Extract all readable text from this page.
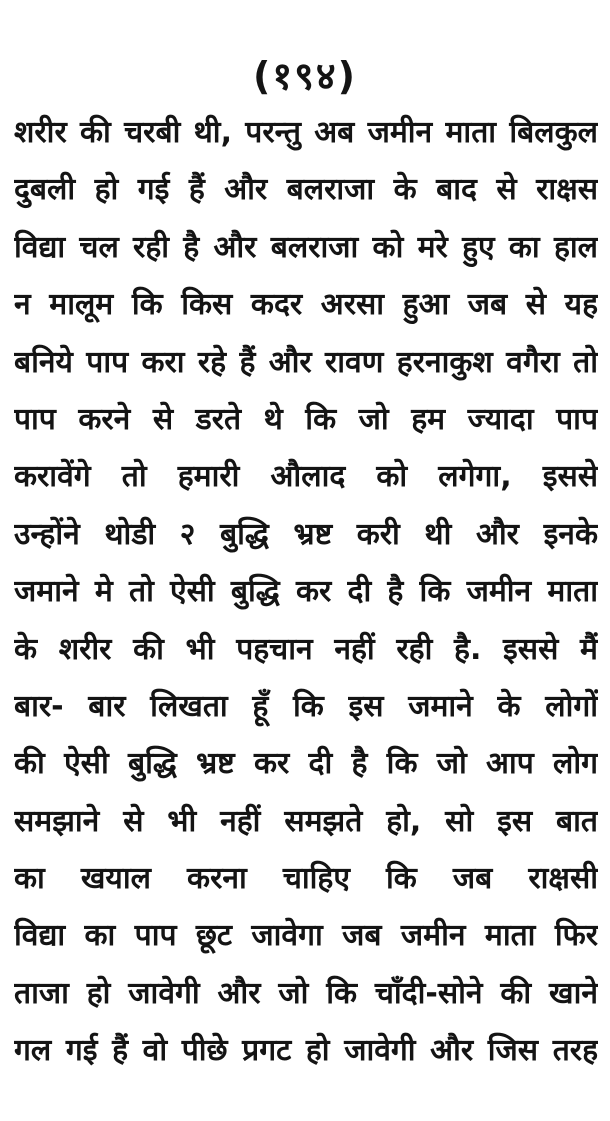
(१९४)
शरीर की चरबी थी, परन्तु अब जमीन माता बिलकुल
दुबली हो गई हैं और बलराजा के बाद से राक्षस
विद्या चल रही है और बलराजा को मरे हुए का हाल
न मालूम कि किस कदर अरसा हुआ जब से यह
बनिये पाप करा रहे हैं और रावण हरनाकुश वगैरा तो
पाप करने से डरते थे कि जो हम ज्यादा पाप
करावेंगे तो हमारी औलाद को लगेगा, इससे
उन्होंने थोडी २ बुद्धि भ्रष्ट करी थी और इनके
जमाने मे तो ऐसी बुद्धि कर दी है कि जमीन माता
के शरीर की भी पहचान नहीं रही है. इससे मैं
बार- बार लिखता हूँ कि इस जमाने के लोगों
की ऐसी बुद्धि भ्रष्ट कर दी है कि जो आप लोग
समझाने से भी नहीं समझते हो, सो इस बात
का खयाल करना चाहिए कि जब राक्षसी
विद्या का पाप छूट जावेगा जब जमीन माता फिर
ताजा हो जावेगी और जो कि चाँदी-सोने की खाने
गल गई हैं वो पीछे प्रगट हो जावेगी और जिस तरह
